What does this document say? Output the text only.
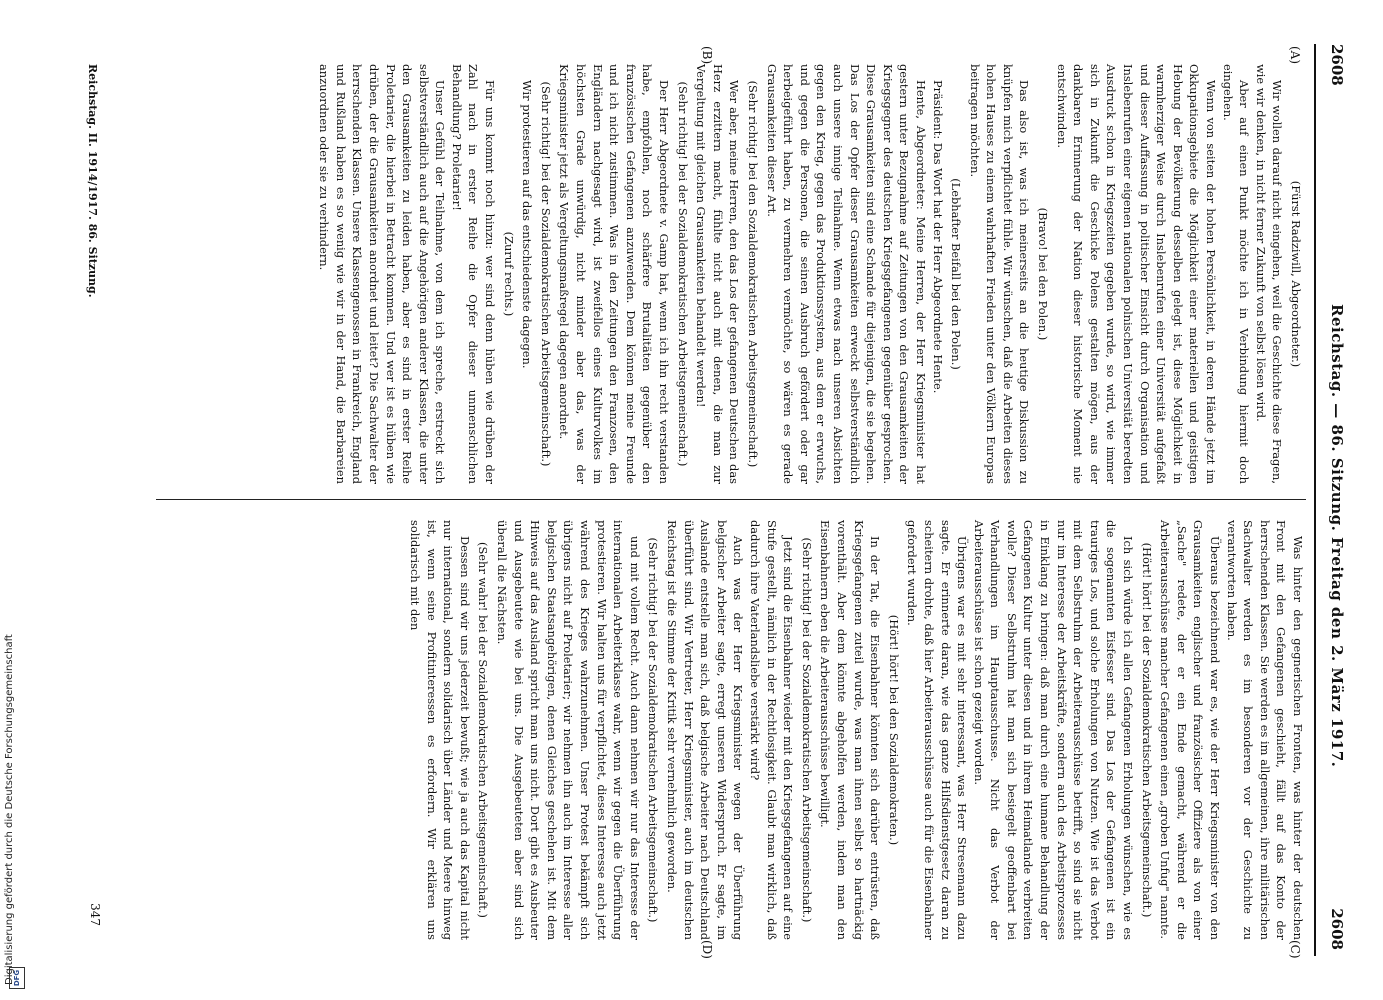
Digitalisierung gefördert durch die Deutsche Forschungsgemeinschaft
DFG
2608
Reichstag. — 86. Sitzung. Freitag den 2. März 1917.
2608
(A)
(B)
(C)
(D)

(Fürst Radziwill, Abgeordneter.)

Wir wollen darauf nicht eingehen, weil die Geschichte diese Fragen, wie wir denken, in nicht ferner Zukunft von selbst lösen wird.

Aber auf einen Punkt möchte ich in Verbindung hiermit doch eingehen.

Wenn von seiten der hohen Persönlichkeit, in deren Hände jetzt im Okkupationsgebiete die Möglichkeit einer materiellen und geistigen Hebung der Bevölkerung desselben gelegt ist, diese Möglichkeit in warmherziger Weise durch Inslebenrufen einer Universität aufgefaßt und dieser Auffassung in politischer Einsicht durch Organisation und Inslebenrufen einer eigenen nationalen polnischen Universität beredten Ausdruck schon in Kriegszeiten gegeben wurde, so wird, wie immer sich in Zukunft die Geschicke Polens gestalten mögen, aus der dankbaren Erinnerung der Nation dieser historische Moment nie entschwinden.

(Bravo! bei den Polen.)

Das also ist, was ich meinerseits an die heutige Diskussion zu knüpfen mich verpflichtet fühle. Wir wünschen, daß die Arbeiten dieses hohen Hauses zu einem wahrhaften Frieden unter den Völkern Europas beitragen möchten.

(Lebhafter Beifall bei den Polen.)

Präsident: Das Wort hat der Herr Abgeordnete Hente.

Hente, Abgeordneter: Meine Herren, der Herr Kriegsminister hat gestern unter Bezugnahme auf Zeitungen von den Grausamkeiten der Kriegsgegner des deutschen Kriegsgefangenen gegenüber gesprochen. Diese Grausamkeiten sind eine Schande für diejenigen, die sie begehen. Das Los der Opfer dieser Grausamkeiten erweckt selbstverständlich auch unsere innige Teilnahme. Wenn etwas nach unseren Absichten gegen den Krieg, gegen das Produktionssystem, aus dem er erwuchs, und gegen die Personen, die seinen Ausbruch gefördert oder gar herbeigeführt haben, zu vermehren vermöchte, so wären es gerade Grausamkeiten dieser Art.

(Sehr richtig! bei den Sozialdemokratischen Arbeitsgemeinschaft.)

Wer aber, meine Herren, den das Los der gefangenen Deutschen das Herz erzittern macht, fühlte nicht auch mit denen, die man zur Vergeltung mit gleichen Grausamkeiten behandelt werden!

(Sehr richtig! bei der Sozialdemokratischen Arbeitsgemeinschaft.)

Der Herr Abgeordnete v. Gamp hat, wenn ich ihn recht verstanden habe, empfohlen, noch schärfere Brutalitäten gegenüber den französischen Gefangenen anzuwenden. Dem können meine Freunde und ich nicht zustimmen. Was in den Zeitungen den Franzosen, den Engländern nachgesagt wird, ist zweifellos eines Kulturvolkes im höchsten Grade unwürdig, nicht minder aber das, was der Kriegsminister jetzt als Vergeltungsmaßregel dagegen anordnet.

(Sehr richtig! bei der Sozialdemokratischen Arbeitsgemeinschaft.)

Wir protestieren auf das entschiedenste dagegen.

(Zuruf rechts.)

Für uns kommt noch hinzu: wer sind denn hüben wie drüben der Zahl nach in erster Reihe die Opfer dieser unmenschlichen Behandlung? Proletarier!

Unser Gefühl der Teilnahme, von dem ich spreche, erstreckt sich selbstverständlich auch auf die Angehörigen anderer Klassen, die unter den Grausamkeiten zu leiden haben, aber es sind in erster Reihe Proletarier, die hierbei in Betracht kommen. Und wer ist es hüben wie drüben, der die Grausamkeiten anordnet und leitet? Die Sachwalter der herrschenden Klassen. Unsere Klassengenossen in Frankreich, England und Rußland haben es so wenig wie wir in der Hand, die Barbareien anzuordnen oder sie zu verhindern.

Was hinter den gegnerischen Fronten, was hinter der deutschen Front mit den Gefangenen geschieht, fällt auf das Konto der herrschenden Klassen. Sie werden es im allgemeinen, ihre militärischen Sachwalter werden es im besonderen vor der Geschichte zu verantworten haben.

Überaus bezeichnend war es, wie der Herr Kriegsminister von den Grausamkeiten englischer und französischer Offiziere als von einer „Sache" redete, der er ein Ende gemacht, während er die Arbeiterausschüsse mancher Gefangenen einen „groben Unfug" nannte.

(Hört! hört! bei der Sozialdemokratischen Arbeitsgemeinschaft.)

Ich sich würde ich allen Gefangenen Erholungen wünschen, wie es die sogenannten Eisfesser sind. Das Los der Gefangenen ist ein trauriges Los, und solche Erholungen von Nutzen. Wie ist das Verbot mit dem Selbstruhm der Arbeiterausschüsse betrifft, so sind sie nicht nur im Interesse der Arbeitskräfte, sondern auch des Arbeitsprozesses in Einklang zu bringen: daß man durch eine humane Behandlung der Gefangenen Kultur unter diesen und in ihrem Heimatlande verbreiten wolle? Dieser Selbstruhm hat man sich besiegelt geoffenbart bei Verhandlungen im Hauptausschusse. Nicht das Verbot der Arbeiterausschüsse ist schon gezeigt worden.

Übrigens war es mit sehr interessant, was Herr Stresemann dazu sagte. Er erinnerte daran, wie das ganze Hilfsdienstgesetz daran zu scheitern drohte, daß hier Arbeiterausschüsse auch für die Eisenbahner gefordert wurden.

(Hört! hört! bei den Sozialdemokraten.)

In der Tat, die Eisenbahner könnten sich darüber entrüsten, daß Kriegsgefangenen zuteil wurde, was man ihnen selbst so hartnäckig vorenthält. Aber dem könnte abgeholfen werden, indem man den Eisenbahnern eben die Arbeiterausschüsse bewilligt.

(Sehr richtig! bei der Sozialdemokratischen Arbeitsgemeinschaft.)

Jetzt sind die Eisenbahner wieder mit den Kriegsgefangenen auf eine Stufe gestellt, nämlich in der Rechtlosigkeit. Glaubt man wirklich, daß dadurch ihre Vaterlandsliebe verstärkt wird?

Auch was der Herr Kriegsminister wegen der Überführung belgischer Arbeiter sagte, erregt unseren Widerspruch. Er sagte, im Auslande entstelle man sich, daß belgische Arbeiter nach Deutschland überführt sind. Wir Vertreter, Herr Kriegsminister, auch im deutschen Reichstag ist die Stimme der Kritik sehr vernehmlich geworden.

(Sehr richtig! bei der Sozialdemokratischen Arbeitsgemeinschaft.)

und mit vollem Recht. Auch dann nehmen wir nur das Interesse der internationalen Arbeiterklasse wahr, wenn wir gegen die Überführung protestieren. Wir halten uns für verpflichtet, dieses Interesse auch jetzt während des Krieges wahrzunehmen. Unser Protest bekämpft sich übrigens nicht auf Proletarier; wir nehmen ihn auch im Interesse aller belgischen Staatsangehörigen, denen Gleiches geschehen ist. Mit dem Hinweis auf das Ausland spricht man uns nicht. Dort gibt es Ausbeuter und Ausgebeutete wie bei uns. Die Ausgebeuteten aber sind sich überall die Nächsten.

(Sehr wahr! bei der Sozialdemokratischen Arbeitsgemeinschaft.)

Dessen sind wir uns jederzeit bewußt; wie ja auch das Kapital nicht nur international, sondern solidarisch über Länder und Meere hinweg ist, wenn seine Profitinteressen es erfordern. Wir erklären uns solidarisch mit den

Reichstag. II. 1914/1917. 86. Sitzung.
347
